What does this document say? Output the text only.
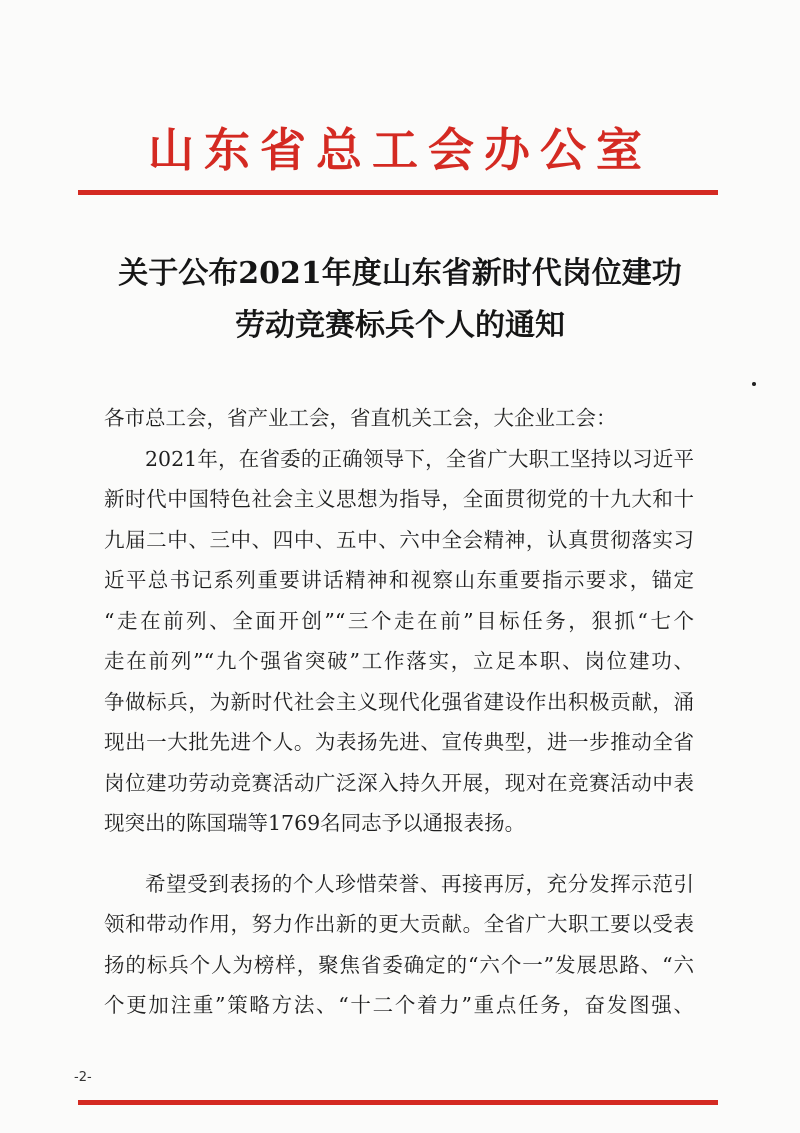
山东省总工会办公室
关于公布2021年度山东省新时代岗位建功
劳动竞赛标兵个人的通知
各市总工会，省产业工会，省直机关工会，大企业工会：
2021年，在省委的正确领导下，全省广大职工坚持以习近平
新时代中国特色社会主义思想为指导，全面贯彻党的十九大和十
九届二中、三中、四中、五中、六中全会精神，认真贯彻落实习
近平总书记系列重要讲话精神和视察山东重要指示要求，锚定
“走在前列、全面开创”“三个走在前”目标任务，狠抓“七个
走在前列”“九个强省突破”工作落实，立足本职、岗位建功、
争做标兵，为新时代社会主义现代化强省建设作出积极贡献，涌
现出一大批先进个人。为表扬先进、宣传典型，进一步推动全省
岗位建功劳动竞赛活动广泛深入持久开展，现对在竞赛活动中表
现突出的陈国瑞等1769名同志予以通报表扬。
希望受到表扬的个人珍惜荣誉、再接再厉，充分发挥示范引
领和带动作用，努力作出新的更大贡献。全省广大职工要以受表
扬的标兵个人为榜样，聚焦省委确定的“六个一”发展思路、“六
个更加注重”策略方法、“十二个着力”重点任务，奋发图强、
-2-
